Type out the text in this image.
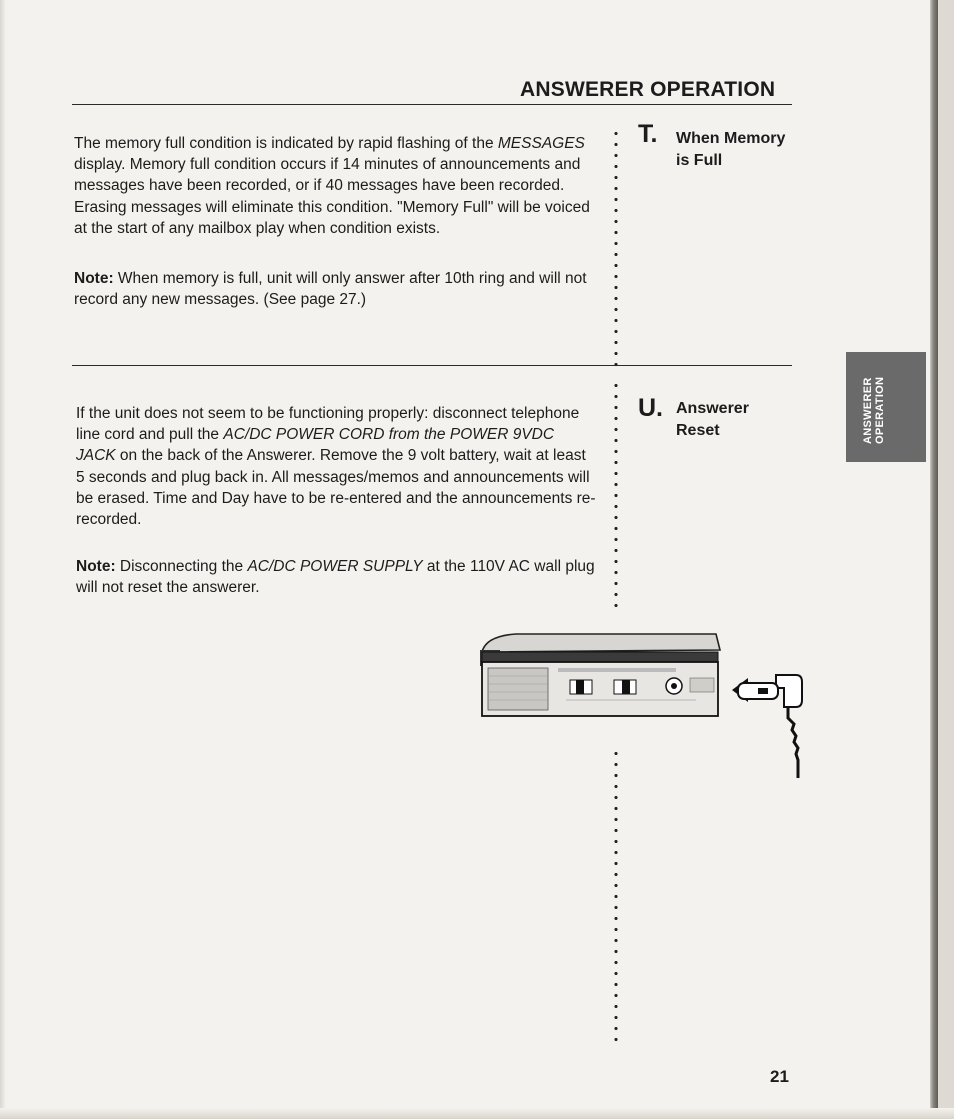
ANSWERER OPERATION
The memory full condition is indicated by rapid flashing of the MESSAGES display. Memory full condition occurs if 14 minutes of announcements and messages have been recorded, or if 40 messages have been recorded. Erasing messages will eliminate this condition. "Memory Full" will be voiced at the start of any mailbox play when condition exists.
Note: When memory is full, unit will only answer after 10th ring and will not record any new messages. (See page 27.)
T. When Memory is Full
If the unit does not seem to be functioning properly: disconnect telephone line cord and pull the AC/DC POWER CORD from the POWER 9VDC JACK on the back of the Answerer. Remove the 9 volt battery, wait at least 5 seconds and plug back in. All messages/memos and announcements will be erased. Time and Day have to be re-entered and the announcements re-recorded.
Note: Disconnecting the AC/DC POWER SUPPLY at the 110V AC wall plug will not reset the answerer.
U. Answerer Reset	ANSWERER OPERATION
21
